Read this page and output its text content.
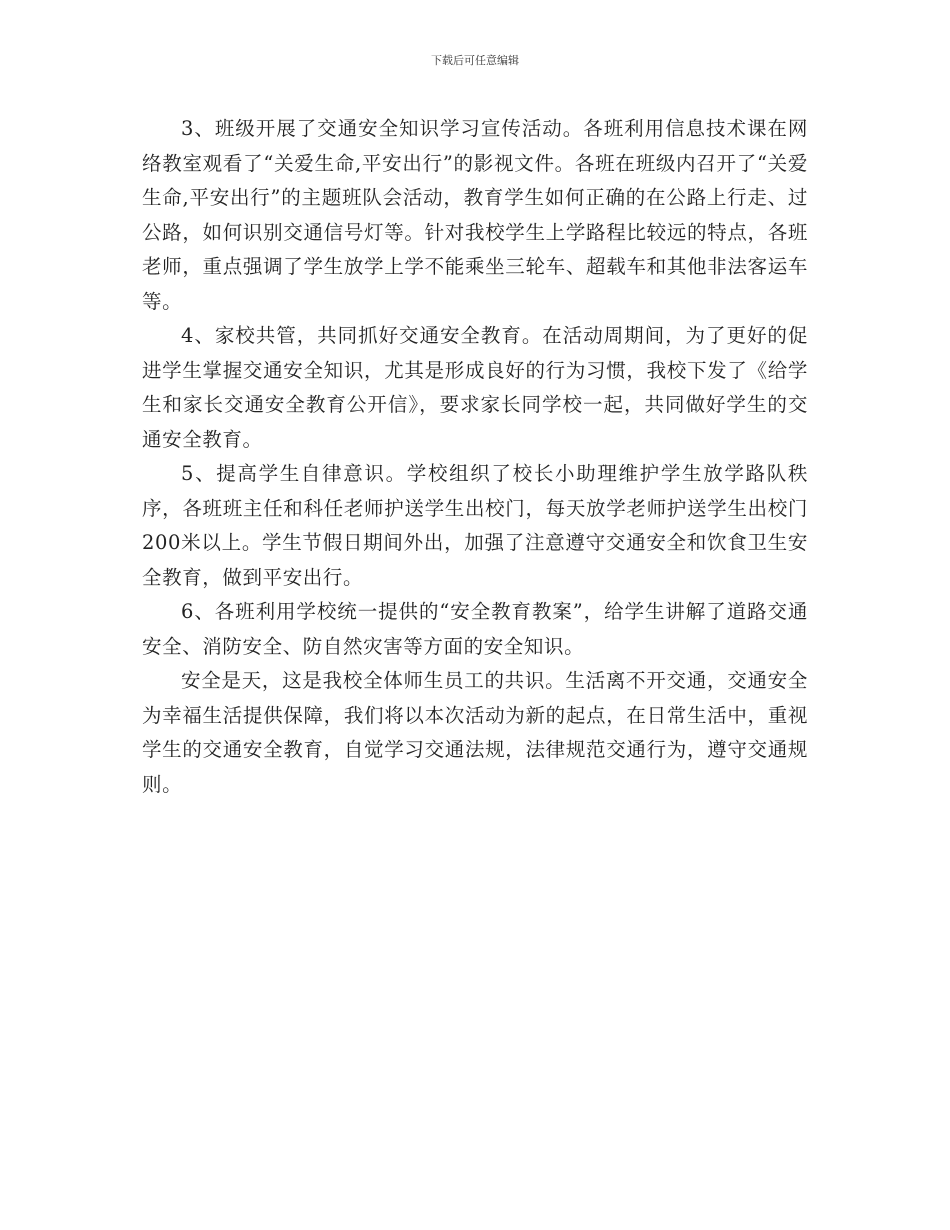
下载后可任意编辑

3、班级开展了交通安全知识学习宣传活动。各班利用信息技术课在网络教室观看了“关爱生命,平安出行”的影视文件。各班在班级内召开了“关爱生命,平安出行”的主题班队会活动，教育学生如何正确的在公路上行走、过公路，如何识别交通信号灯等。针对我校学生上学路程比较远的特点，各班老师，重点强调了学生放学上学不能乘坐三轮车、超载车和其他非法客运车等。

4、家校共管，共同抓好交通安全教育。在活动周期间，为了更好的促进学生掌握交通安全知识，尤其是形成良好的行为习惯，我校下发了《给学生和家长交通安全教育公开信》，要求家长同学校一起，共同做好学生的交通安全教育。

5、提高学生自律意识。学校组织了校长小助理维护学生放学路队秩序，各班班主任和科任老师护送学生出校门，每天放学老师护送学生出校门200米以上。学生节假日期间外出，加强了注意遵守交通安全和饮食卫生安全教育，做到平安出行。

6、各班利用学校统一提供的“安全教育教案”，给学生讲解了道路交通安全、消防安全、防自然灾害等方面的安全知识。

安全是天，这是我校全体师生员工的共识。生活离不开交通，交通安全为幸福生活提供保障，我们将以本次活动为新的起点，在日常生活中，重视学生的交通安全教育，自觉学习交通法规，法律规范交通行为，遵守交通规则。
